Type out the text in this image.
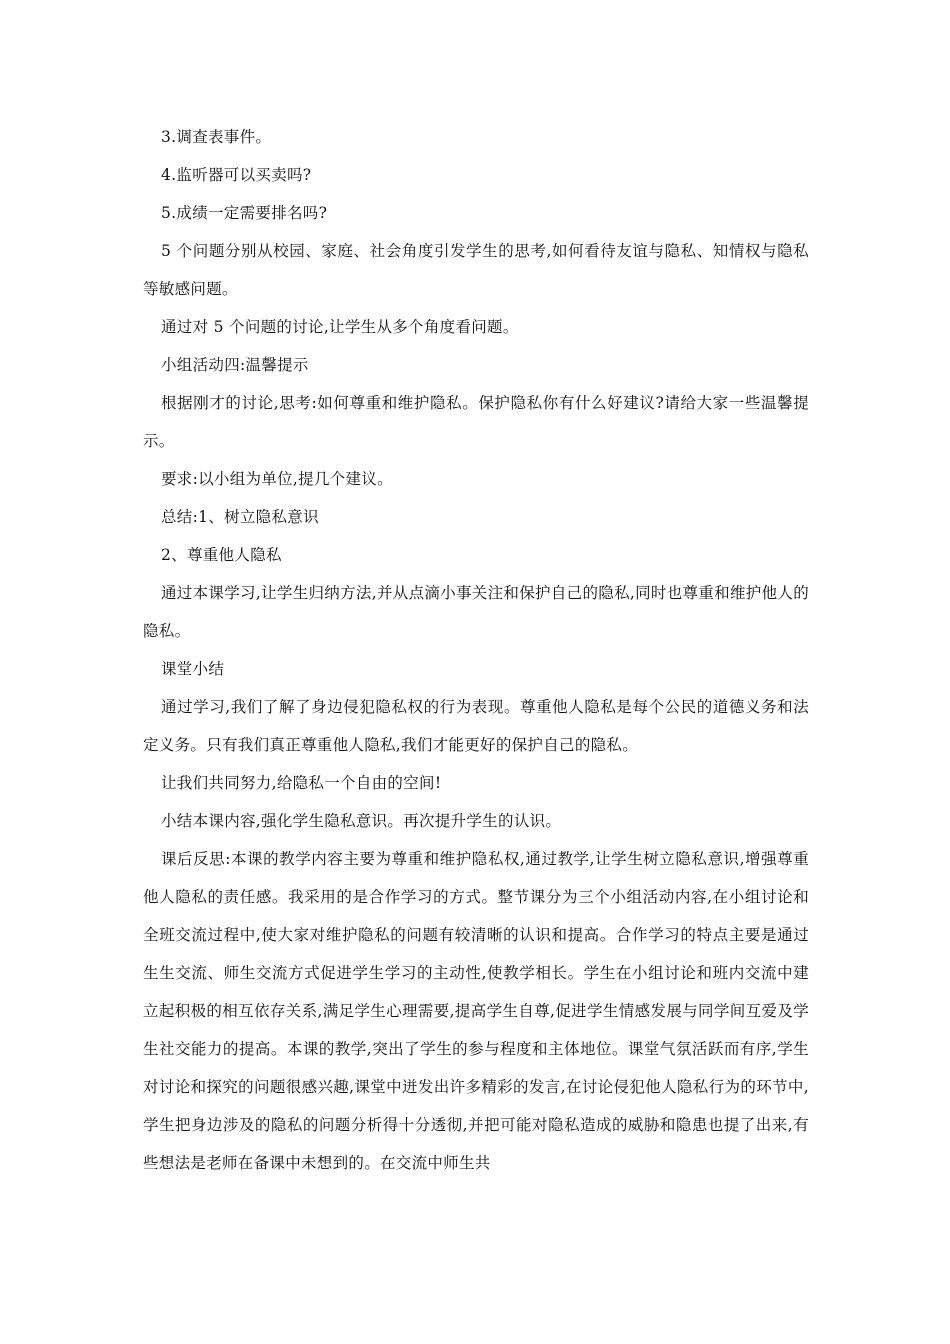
3.调查表事件。

4.监听器可以买卖吗?

5.成绩一定需要排名吗?

5 个问题分别从校园、家庭、社会角度引发学生的思考,如何看待友谊与隐私、知情权与隐私等敏感问题。

通过对 5 个问题的讨论,让学生从多个角度看问题。

小组活动四:温馨提示

根据刚才的讨论,思考:如何尊重和维护隐私。保护隐私你有什么好建议?请给大家一些温馨提示。

要求:以小组为单位,提几个建议。

总结:1、树立隐私意识

2、尊重他人隐私

通过本课学习,让学生归纳方法,并从点滴小事关注和保护自己的隐私,同时也尊重和维护他人的隐私。

课堂小结

通过学习,我们了解了身边侵犯隐私权的行为表现。尊重他人隐私是每个公民的道德义务和法定义务。只有我们真正尊重他人隐私,我们才能更好的保护自己的隐私。

让我们共同努力,给隐私一个自由的空间!

小结本课内容,强化学生隐私意识。再次提升学生的认识。

课后反思:本课的教学内容主要为尊重和维护隐私权,通过教学,让学生树立隐私意识,增强尊重他人隐私的责任感。我采用的是合作学习的方式。整节课分为三个小组活动内容,在小组讨论和全班交流过程中,使大家对维护隐私的问题有较清晰的认识和提高。合作学习的特点主要是通过生生交流、师生交流方式促进学生学习的主动性,使教学相长。学生在小组讨论和班内交流中建立起积极的相互依存关系,满足学生心理需要,提高学生自尊,促进学生情感发展与同学间互爱及学生社交能力的提高。本课的教学,突出了学生的参与程度和主体地位。课堂气氛活跃而有序,学生对讨论和探究的问题很感兴趣,课堂中迸发出许多精彩的发言,在讨论侵犯他人隐私行为的环节中,学生把身边涉及的隐私的问题分析得十分透彻,并把可能对隐私造成的威胁和隐患也提了出来,有些想法是老师在备课中未想到的。在交流中师生共
